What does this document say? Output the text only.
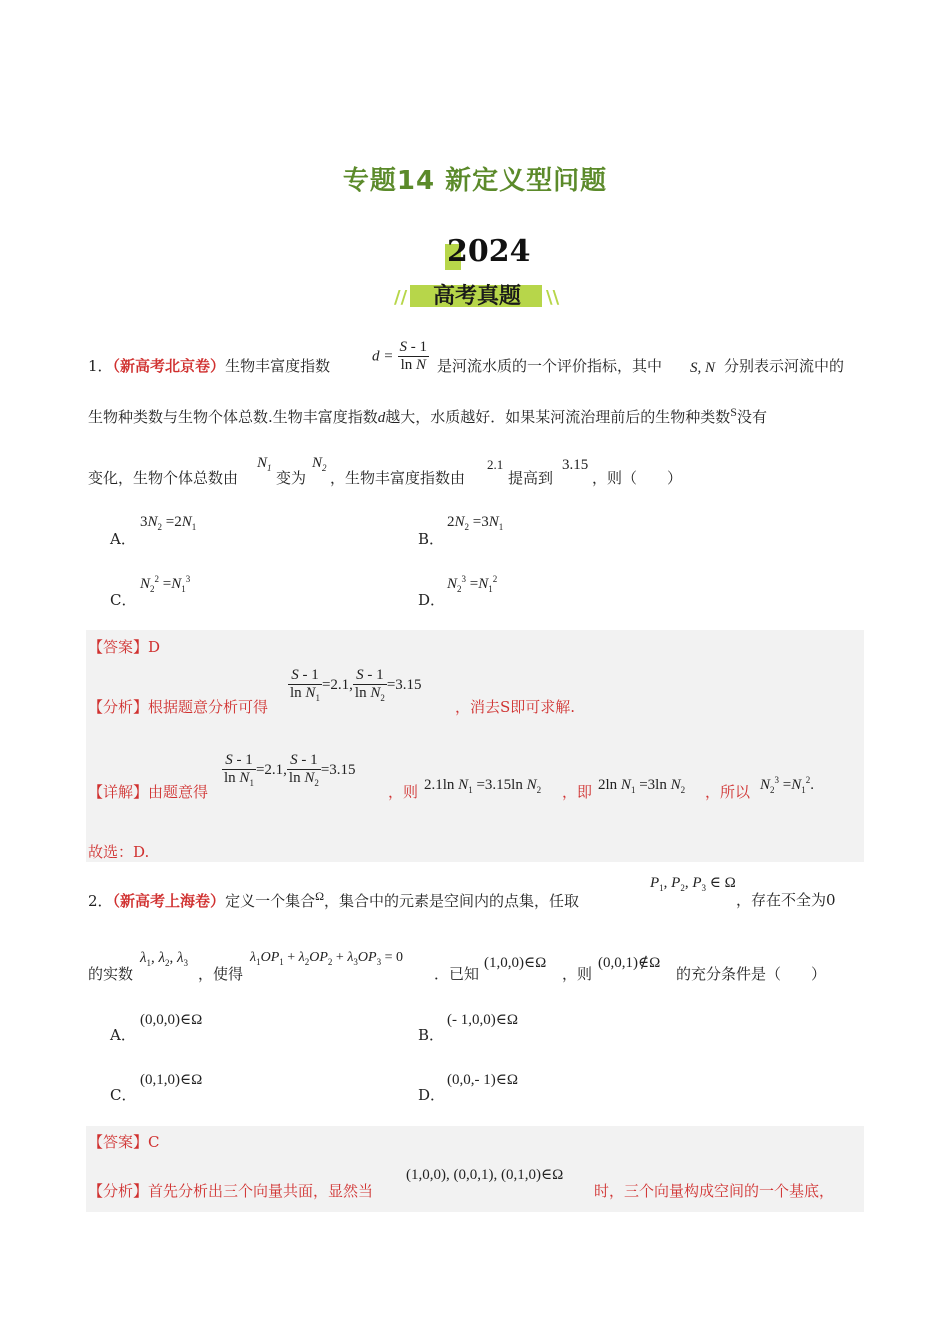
专题14 新定义型问题
2024
高考真题
//	\\
1．（新高考北京卷）生物丰富度指数
$d = \frac{S - 1}{\text{ln N}}$ 是河流水质的一个评价指标，其中 S, N 分别表示河流中的
生物种类数与生物个体总数.生物丰富度指数d越大，水质越好．如果某河流治理前后的生物种类数$^S$没有
变化，生物个体总数由
$N_1$
变为
$N_2$
，生物丰富度指数由
2.1
提高到
3.15
，则（　　）
A．
$3N_2 =2N_1$
B．
$2N_2 =3N_1$
C．
$N_2^2 =N_1^3$
D．
$N_2^3 =N_1^2$
【答案】D
【分析】根据题意分析可得
$\frac{S - 1}{\ln N_1} =2.1$, $\frac{S - 1}{\ln N_2} =3.15$
，消去S即可求解.
【详解】由题意得
$\frac{S - 1}{\ln N_1} =2.1$, $\frac{S - 1}{\ln N_2} =3.15$
，则 2.1ln $N_1 =3.15\ln$ $N_2$ ，即 2ln $N_1 =3\ln$ $N_2$ ，所以 $N_2^3 =N_1^2$.
故选：D.
2．（新高考上海卷）定义一个集合$^\Omega$，集合中的元素是空间内的点集，任取
$P_1$, $P_2$, $P_3$ ∈ Ω
，存在不全为0
的实数
$\lambda_1$, $\lambda_2$, $\lambda_3$
，使得
$\lambda_1OP_1 + \lambda_2OP_2 + \lambda_3OP_3 = 0$
．已知
(1,0,0)∈Ω
，则
(0,0,1)∉Ω
的充分条件是（　　）
A．
(0,0,0)∈Ω
B．
(- 1,0,0)∈Ω
C．
(0,1,0)∈Ω
D．
(0,0,- 1)∈Ω
【答案】C
【分析】首先分析出三个向量共面，显然当
(1,0,0), (0,0,1), (0,1,0)∈Ω
时，三个向量构成空间的一个基底，
